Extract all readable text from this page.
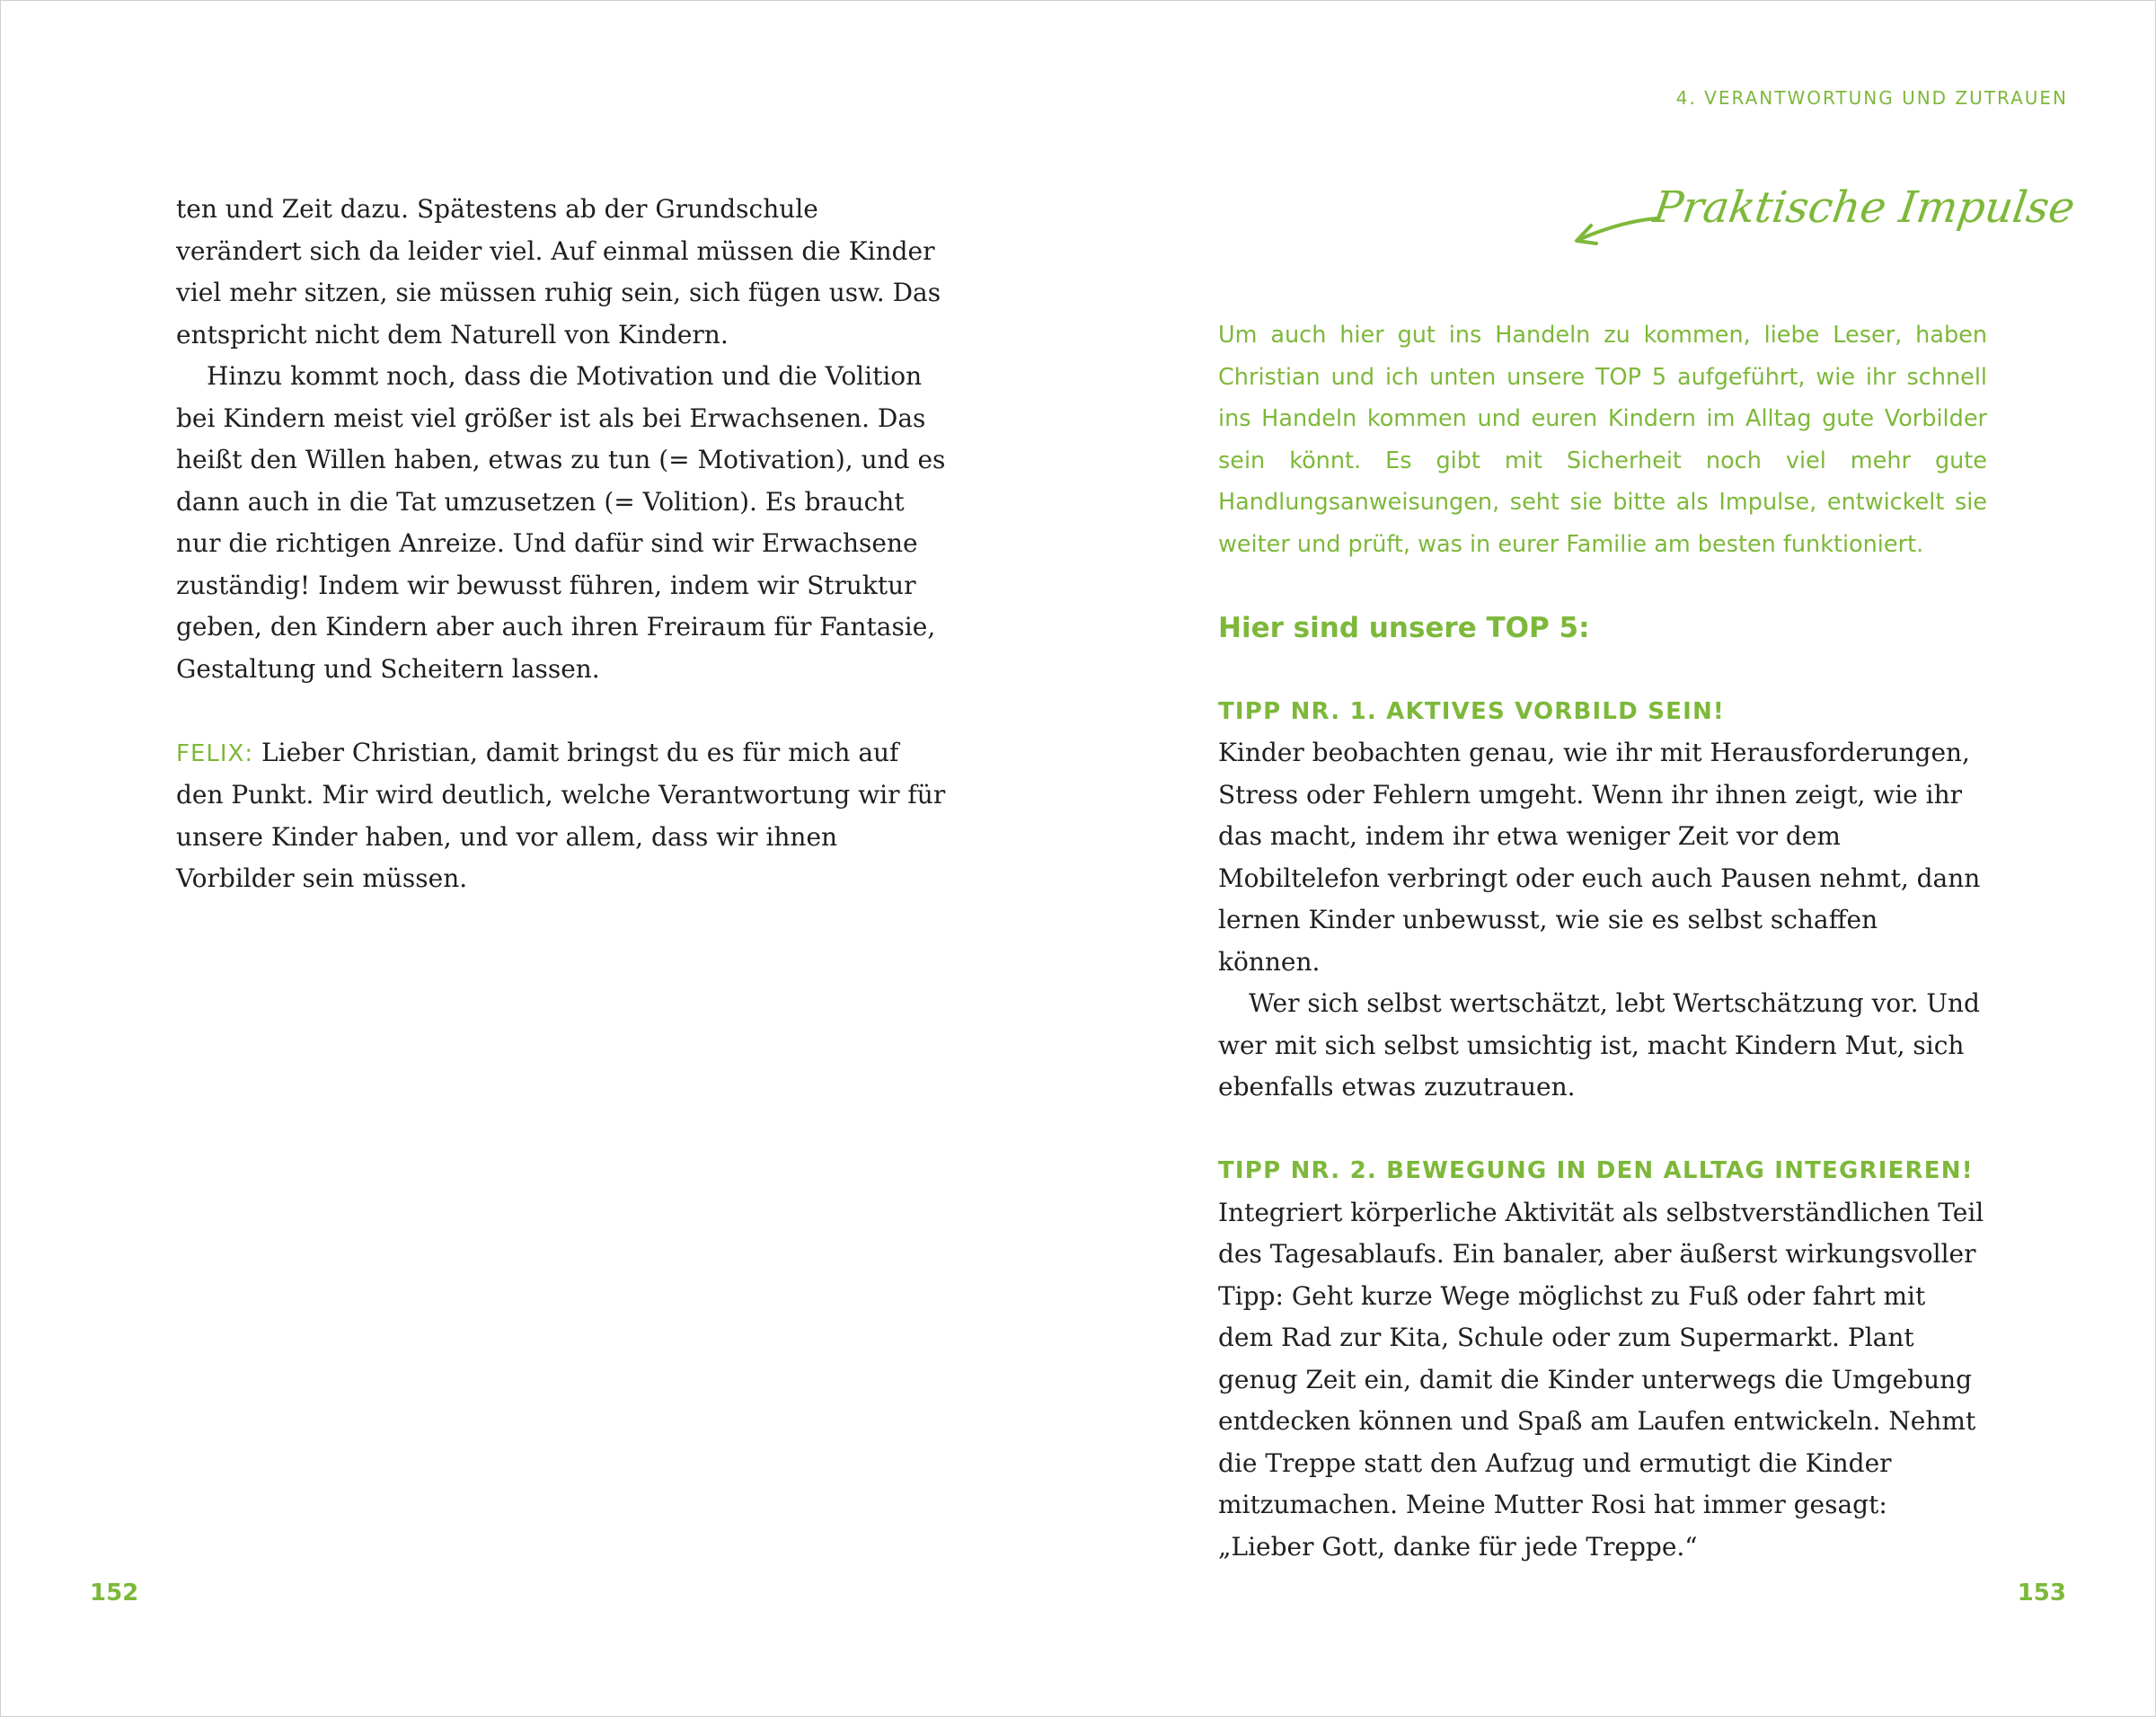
ten und Zeit dazu. Spätestens ab der Grundschule verändert sich da leider viel. Auf einmal müssen die Kinder viel mehr sitzen, sie müssen ruhig sein, sich fügen usw. Das entspricht nicht dem Naturell von Kindern.

Hinzu kommt noch, dass die Motivation und die Volition bei Kindern meist viel größer ist als bei Erwachsenen. Das heißt den Willen haben, etwas zu tun (= Motivation), und es dann auch in die Tat umzusetzen (= Volition). Es braucht nur die richtigen Anreize. Und dafür sind wir Erwachsene zuständig! Indem wir bewusst führen, indem wir Struktur geben, den Kindern aber auch ihren Freiraum für Fantasie, Gestaltung und Scheitern lassen.

FELIX: Lieber Christian, damit bringst du es für mich auf den Punkt. Mir wird deutlich, welche Verantwortung wir für unsere Kinder haben, und vor allem, dass wir ihnen Vorbilder sein müssen.

152
4. VERANTWORTUNG UND ZUTRAUEN
Praktische Impulse

Um auch hier gut ins Handeln zu kommen, liebe Leser, haben Christian und ich unten unsere TOP 5 aufgeführt, wie ihr schnell ins Handeln kommen und euren Kindern im Alltag gute Vorbilder sein könnt. Es gibt mit Sicherheit noch viel mehr gute Handlungsanweisungen, seht sie bitte als Impulse, entwickelt sie weiter und prüft, was in eurer Familie am besten funktioniert.

Hier sind unsere TOP 5:
TIPP NR. 1. AKTIVES VORBILD SEIN!

Kinder beobachten genau, wie ihr mit Herausforderungen, Stress oder Fehlern umgeht. Wenn ihr ihnen zeigt, wie ihr das macht, indem ihr etwa weniger Zeit vor dem Mobiltelefon verbringt oder euch auch Pausen nehmt, dann lernen Kinder unbewusst, wie sie es selbst schaffen können.

Wer sich selbst wertschätzt, lebt Wertschätzung vor. Und wer mit sich selbst umsichtig ist, macht Kindern Mut, sich ebenfalls etwas zuzutrauen.

TIPP NR. 2. BEWEGUNG IN DEN ALLTAG INTEGRIEREN!

Integriert körperliche Aktivität als selbstverständlichen Teil des Tagesablaufs. Ein banaler, aber äußerst wirkungsvoller Tipp: Geht kurze Wege möglichst zu Fuß oder fahrt mit dem Rad zur Kita, Schule oder zum Supermarkt. Plant genug Zeit ein, damit die Kinder unterwegs die Umgebung entdecken können und Spaß am Laufen entwickeln. Nehmt die Treppe statt den Aufzug und ermutigt die Kinder mitzumachen. Meine Mutter Rosi hat immer gesagt: „Lieber Gott, danke für jede Treppe.“

153
